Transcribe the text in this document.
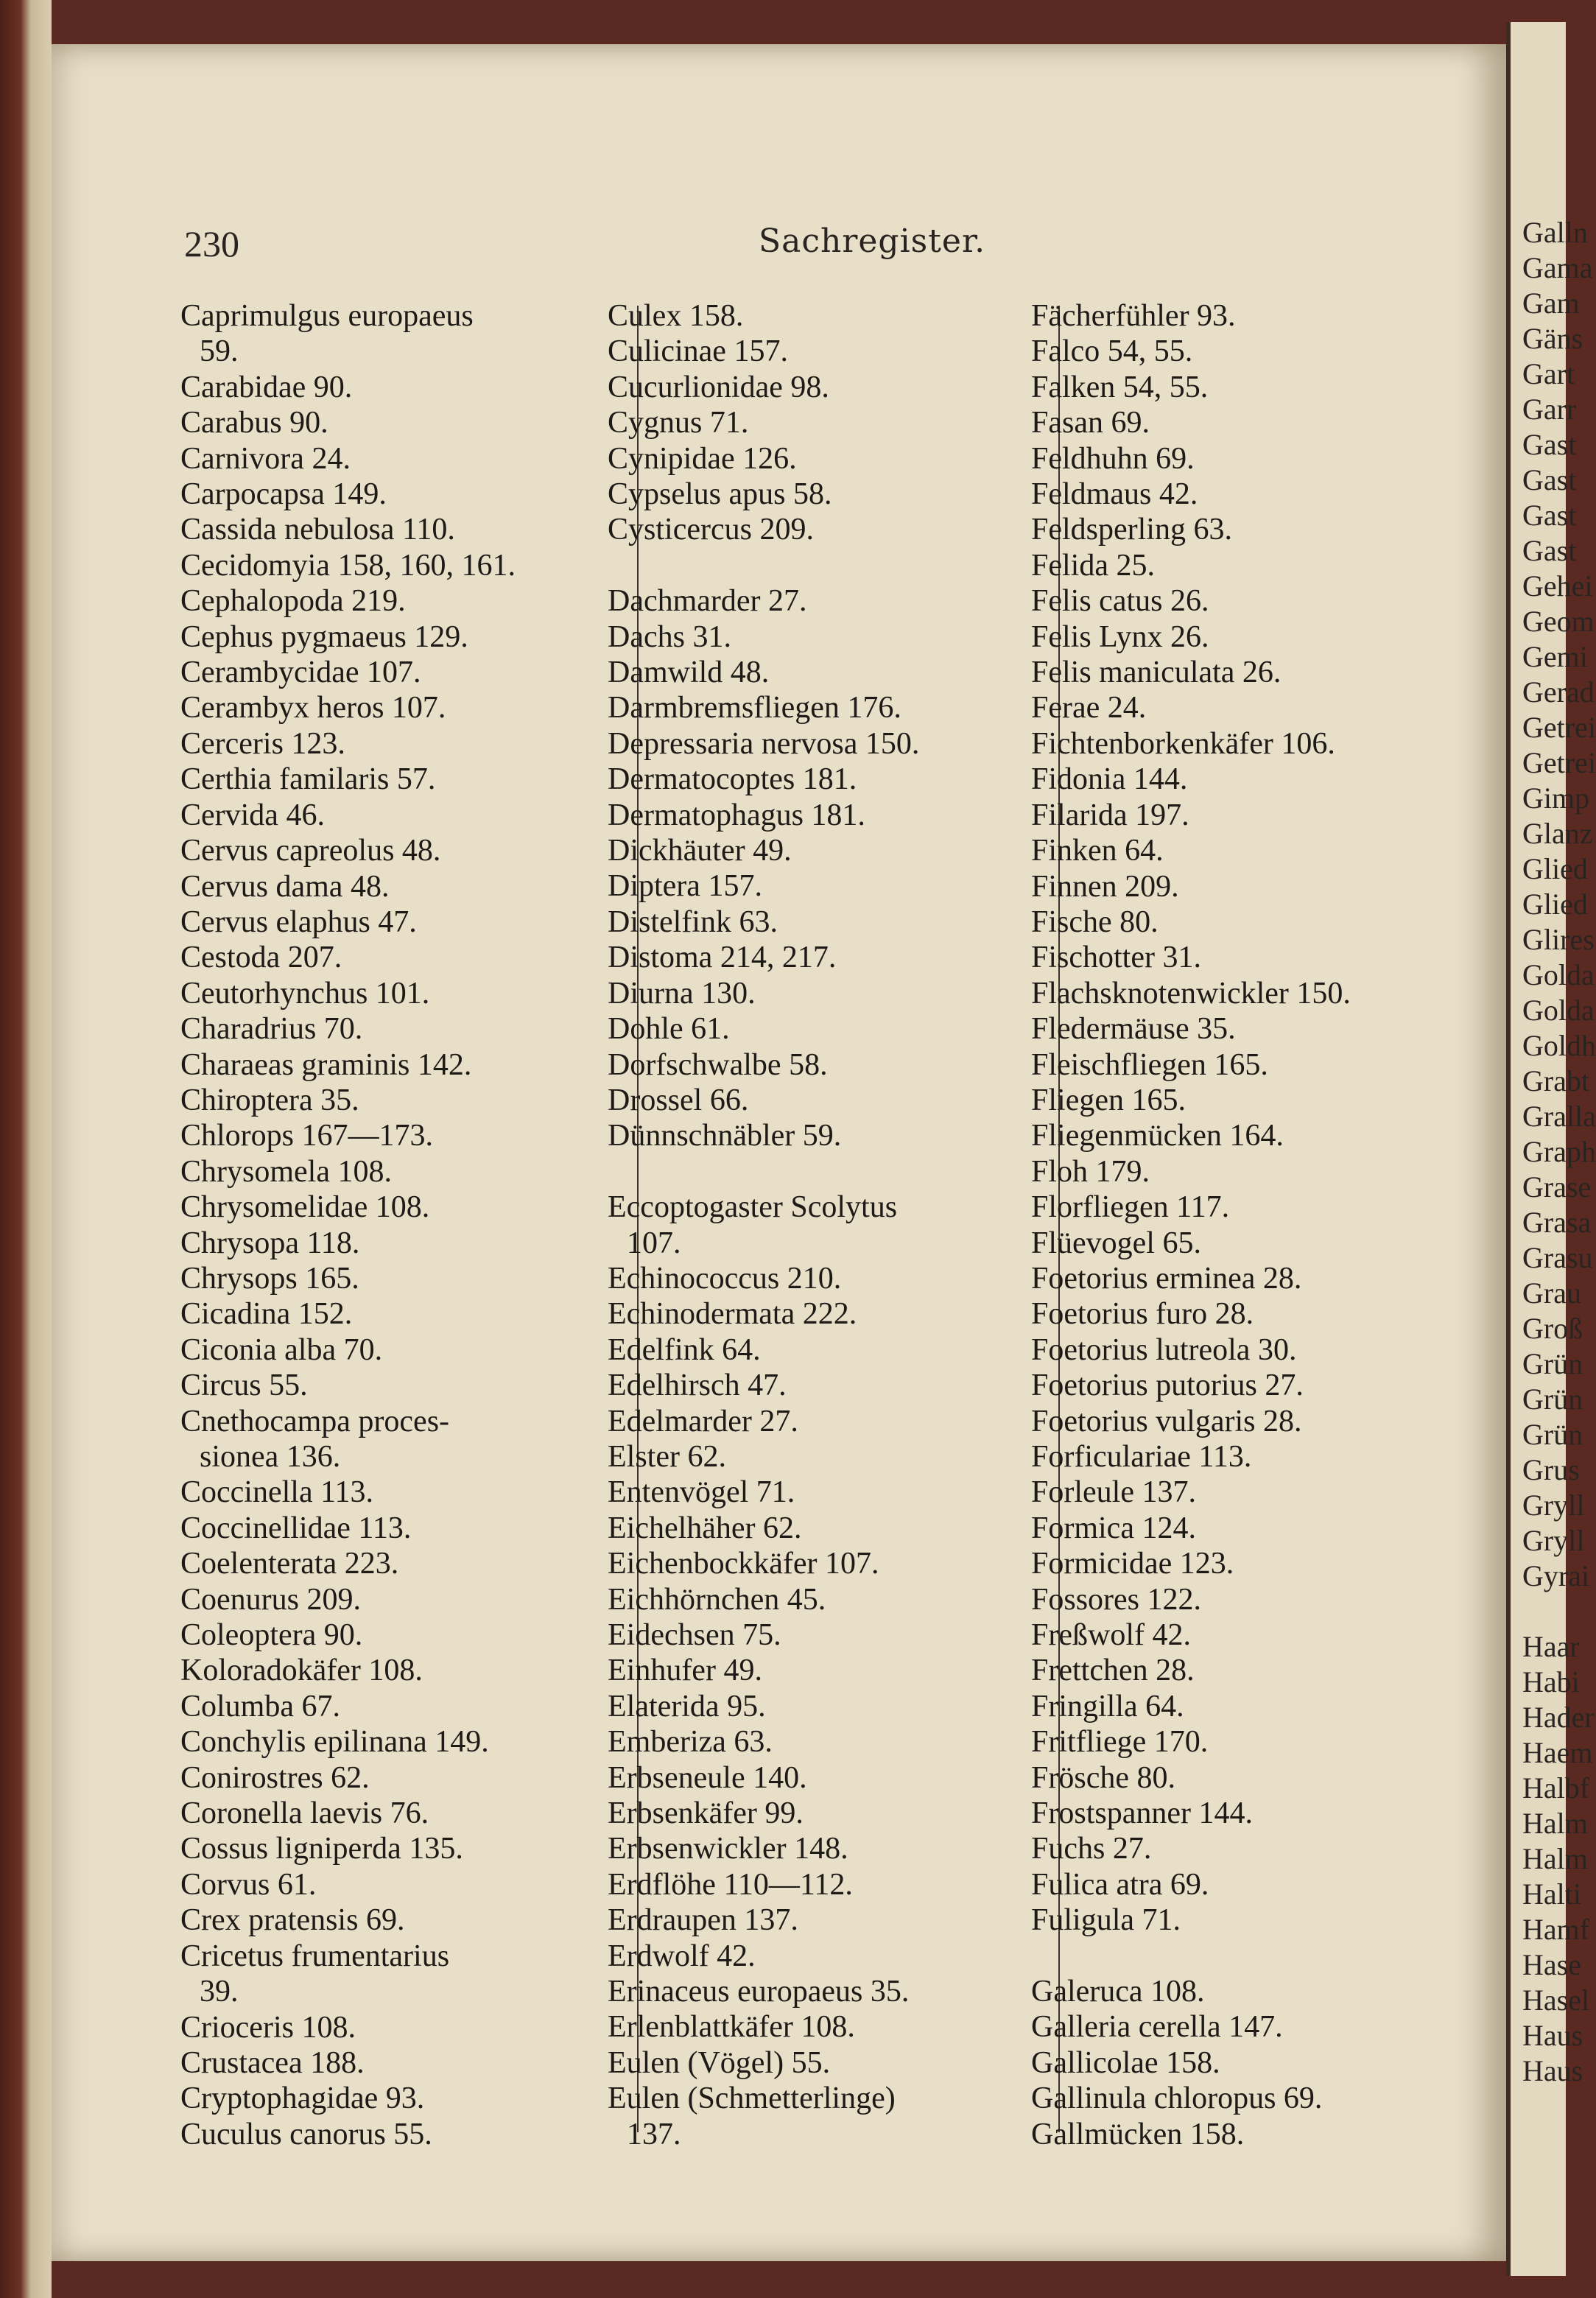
230	Sachregister.
Caprimulgus europaeus
59.
Carabidae 90.
Carabus 90.
Carnivora 24.
Carpocapsa 149.
Cassida nebulosa 110.
Cecidomyia 158, 160, 161.
Cephalopoda 219.
Cephus pygmaeus 129.
Cerambycidae 107.
Cerambyx heros 107.
Cerceris 123.
Certhia familaris 57.
Cervida 46.
Cervus capreolus 48.
Cervus dama 48.
Cervus elaphus 47.
Cestoda 207.
Ceutorhynchus 101.
Charadrius 70.
Charaeas graminis 142.
Chiroptera 35.
Chlorops 167—173.
Chrysomela 108.
Chrysomelidae 108.
Chrysopa 118.
Chrysops 165.
Cicadina 152.
Ciconia alba 70.
Circus 55.
Cnethocampa proces-
sionea 136.
Coccinella 113.
Coccinellidae 113.
Coelenterata 223.
Coenurus 209.
Coleoptera 90.
Koloradokäfer 108.
Columba 67.
Conchylis epilinana 149.
Conirostres 62.
Coronella laevis 76.
Cossus ligniperda 135.
Corvus 61.
Crex pratensis 69.
Cricetus frumentarius
39.
Crioceris 108.
Crustacea 188.
Cryptophagidae 93.
Cuculus canorus 55.
Culex 158.
Culicinae 157.
Cucurlionidae 98.
Cygnus 71.
Cynipidae 126.
Cypselus apus 58.
Cysticercus 209.
Dachmarder 27.
Dachs 31.
Damwild 48.
Darmbremsfliegen 176.
Depressaria nervosa 150.
Dermatocoptes 181.
Dermatophagus 181.
Dickhäuter 49.
Diptera 157.
Distelfink 63.
Distoma 214, 217.
Diurna 130.
Dohle 61.
Dorfschwalbe 58.
Drossel 66.
Dünnschnäbler 59.
Eccoptogaster Scolytus
107.
Echinococcus 210.
Echinodermata 222.
Edelfink 64.
Edelhirsch 47.
Edelmarder 27.
Elster 62.
Entenvögel 71.
Eichelhäher 62.
Eichenbockkäfer 107.
Eichhörnchen 45.
Eidechsen 75.
Einhufer 49.
Elaterida 95.
Emberiza 63.
Erbseneule 140.
Erbsenkäfer 99.
Erbsenwickler 148.
Erdflöhe 110—112.
Erdraupen 137.
Erdwolf 42.
Erinaceus europaeus 35.
Erlenblattkäfer 108.
Eulen (Vögel) 55.
Eulen (Schmetterlinge)
137.
Fächerfühler 93.
Falco 54, 55.
Falken 54, 55.
Fasan 69.
Feldhuhn 69.
Feldmaus 42.
Feldsperling 63.
Felida 25.
Felis catus 26.
Felis Lynx 26.
Felis maniculata 26.
Ferae 24.
Fichtenborkenkäfer 106.
Fidonia 144.
Filarida 197.
Finken 64.
Finnen 209.
Fische 80.
Fischotter 31.
Flachsknotenwickler 150.
Fledermäuse 35.
Fleischfliegen 165.
Fliegen 165.
Fliegenmücken 164.
Floh 179.
Florfliegen 117.
Flüevogel 65.
Foetorius erminea 28.
Foetorius furo 28.
Foetorius lutreola 30.
Foetorius putorius 27.
Foetorius vulgaris 28.
Forficulariae 113.
Forleule 137.
Formica 124.
Formicidae 123.
Fossores 122.
Freßwolf 42.
Frettchen 28.
Fringilla 64.
Fritfliege 170.
Frösche 80.
Frostspanner 144.
Fuchs 27.
Fulica atra 69.
Fuligula 71.
Galeruca 108.
Galleria cerella 147.
Gallicolae 158.
Gallinula chloropus 69.
Gallmücken 158.
Galln
Gama
Gam
Gäns
Gart
Garr
Gast
Gast
Gast
Gast
Gehei
Geom
Gemi
Gerad
Getrei
Getrei
Gimp
Glanz
Glied
Glied
Glires
Golda
Golda
Goldh
Grabt
Gralla
Graph
Grase
Grasa
Grasu
Grau
Groß
Grün
Grün
Grün
Grus
Gryll
Gryll
Gyrai

Haar
Habi
Hader
Haem
Halbf
Halm
Halm
Halti
Hamf
Hase
Hasel
Haus
Haus
